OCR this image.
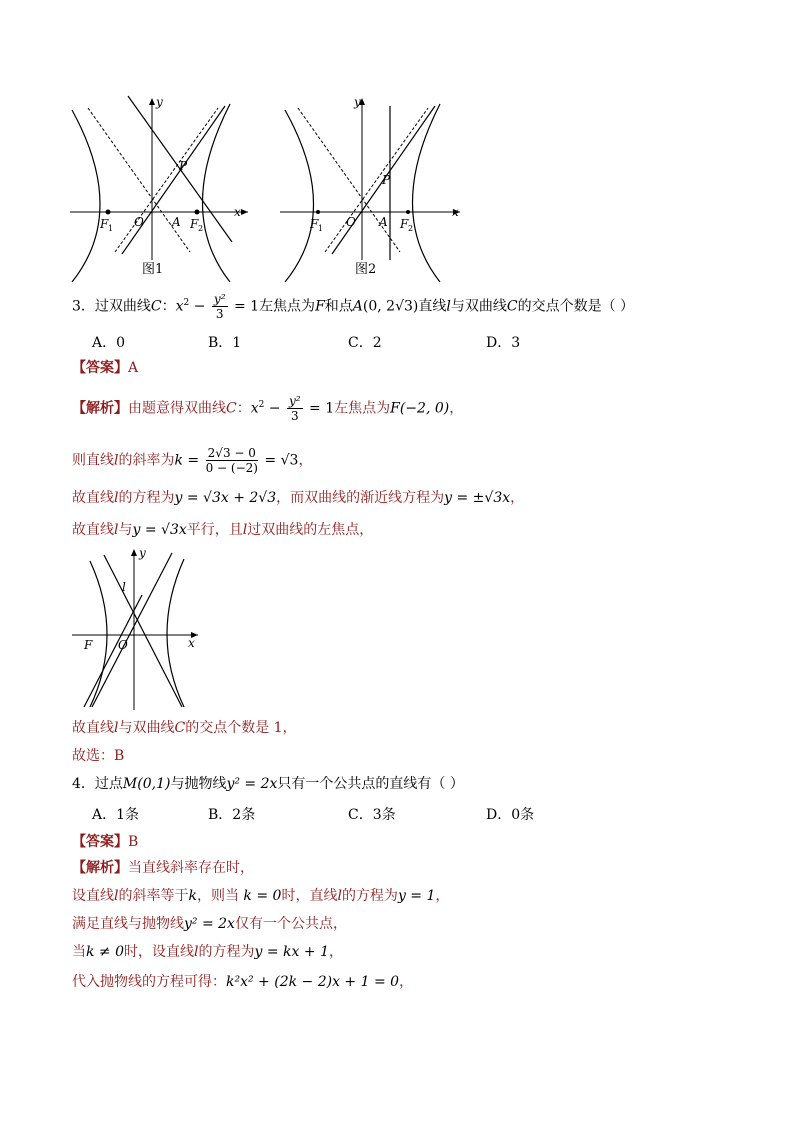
y
x
P
O A
F 1	F 2
图1
y
x
P
O A
F 1	F 2
图2
3．过双曲线C：$x^2 - \frac{\text{y²}}{3} = 1$左焦点为F和点A(0, 2√3)直线l与双曲线C的交点个数是（ ）
A．0	B．1	C．2	D．3
【答案】A
【解析】由题意得双曲线C：$x^2 - \frac{\text{y²}}{3} = 1$左焦点为F(−2, 0)，
则直线l的斜率为$k = \frac{2√3 - 0}{0 - (-2)} = √3$，
故直线l的方程为y = √3x + 2√3，而双曲线的渐近线方程为y = ±√3x，
故直线l与y = √3x平行，且l过双曲线的左焦点，
y
x
l
F O
故直线l与双曲线C的交点个数是 1，
故选：B
4．过点M(0,1)与抛物线y² = 2x只有一个公共点的直线有（ ）
A．1条	B．2条	C．3条	D．0条
【答案】B
【解析】当直线斜率存在时，
设直线l的斜率等于k，则当 k = 0时，直线l的方程为y = 1，
满足直线与抛物线y² = 2x仅有一个公共点，
当k ≠ 0时，设直线l的方程为y = kx + 1，
代入抛物线的方程可得：k²x² + (2k − 2)x + 1 = 0，
